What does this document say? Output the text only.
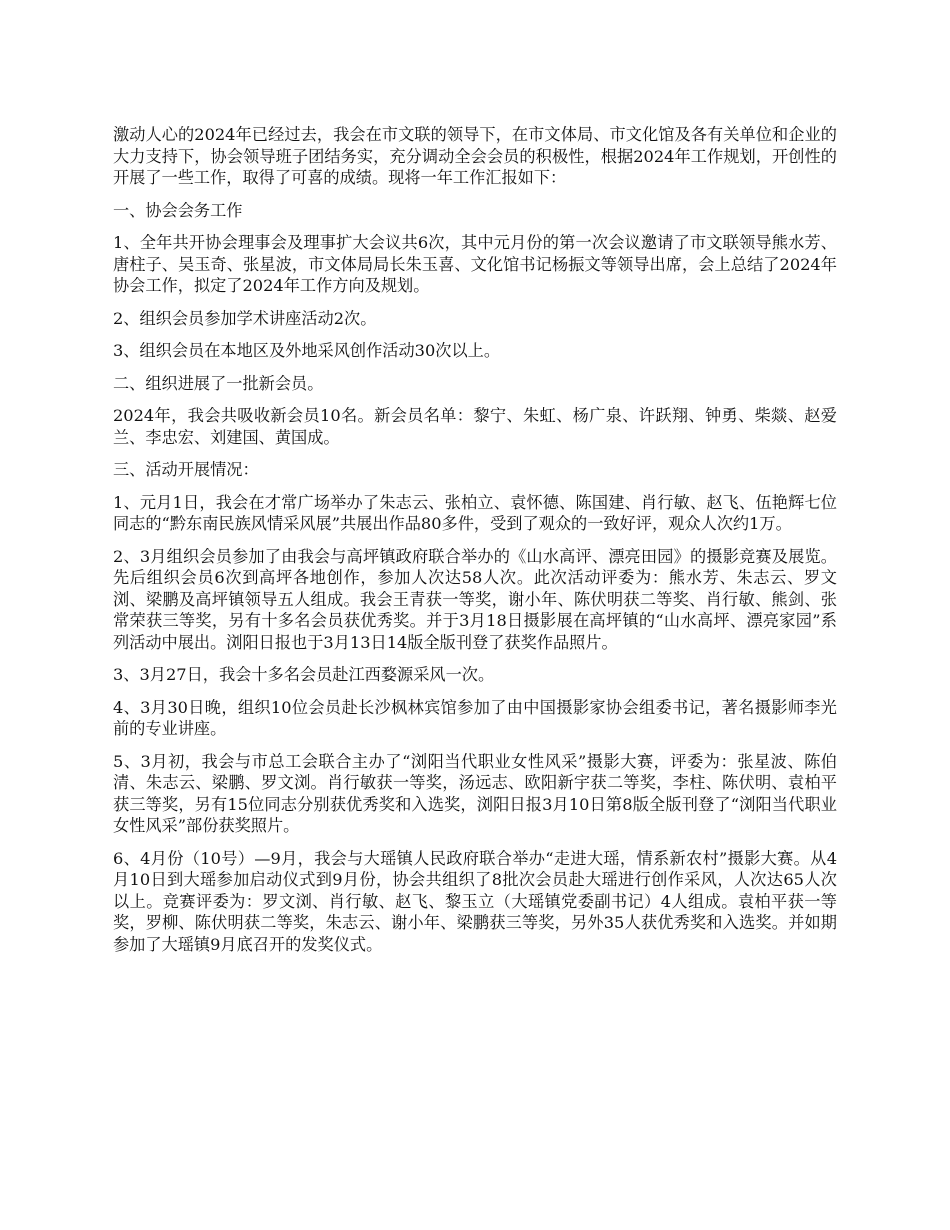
激动人心的2024年已经过去，我会在市文联的领导下，在市文体局、市文化馆及各有关单位和企业的大力支持下，协会领导班子团结务实，充分调动全会会员的积极性，根据2024年工作规划，开创性的开展了一些工作，取得了可喜的成绩。现将一年工作汇报如下：

一、协会会务工作

1、全年共开协会理事会及理事扩大会议共6次，其中元月份的第一次会议邀请了市文联领导熊水芳、唐柱子、吴玉奇、张星波，市文体局局长朱玉喜、文化馆书记杨振文等领导出席，会上总结了2024年协会工作，拟定了2024年工作方向及规划。

2、组织会员参加学术讲座活动2次。

3、组织会员在本地区及外地采风创作活动30次以上。

二、组织进展了一批新会员。

2024年，我会共吸收新会员10名。新会员名单：黎宁、朱虹、杨广泉、许跃翔、钟勇、柴燚、赵爱兰、李忠宏、刘建国、黄国成。

三、活动开展情况：

1、元月1日，我会在才常广场举办了朱志云、张柏立、袁怀德、陈国建、肖行敏、赵飞、伍艳辉七位同志的“黔东南民族风情采风展”共展出作品80多件，受到了观众的一致好评，观众人次约1万。

2、3月组织会员参加了由我会与高坪镇政府联合举办的《山水高评、漂亮田园》的摄影竞赛及展览。先后组织会员6次到高坪各地创作，参加人次达58人次。此次活动评委为：熊水芳、朱志云、罗文浏、梁鹏及高坪镇领导五人组成。我会王青获一等奖，谢小年、陈伏明获二等奖、肖行敏、熊剑、张常荣获三等奖，另有十多名会员获优秀奖。并于3月18日摄影展在高坪镇的“山水高坪、漂亮家园”系列活动中展出。浏阳日报也于3月13日14版全版刊登了获奖作品照片。

3、3月27日，我会十多名会员赴江西婺源采风一次。

4、3月30日晚，组织10位会员赴长沙枫林宾馆参加了由中国摄影家协会组委书记，著名摄影师李光前的专业讲座。

5、3月初，我会与市总工会联合主办了“浏阳当代职业女性风采”摄影大赛，评委为：张星波、陈伯清、朱志云、梁鹏、罗文浏。肖行敏获一等奖，汤远志、欧阳新宇获二等奖，李柱、陈伏明、袁柏平获三等奖，另有15位同志分别获优秀奖和入选奖，浏阳日报3月10日第8版全版刊登了“浏阳当代职业女性风采”部份获奖照片。

6、4月份（10号）—9月，我会与大瑶镇人民政府联合举办“走进大瑶，情系新农村”摄影大赛。从4月10日到大瑶参加启动仪式到9月份，协会共组织了8批次会员赴大瑶进行创作采风，人次达65人次以上。竞赛评委为：罗文浏、肖行敏、赵飞、黎玉立（大瑶镇党委副书记）4人组成。袁柏平获一等奖，罗柳、陈伏明获二等奖，朱志云、谢小年、梁鹏获三等奖，另外35人获优秀奖和入选奖。并如期参加了大瑶镇9月底召开的发奖仪式。
